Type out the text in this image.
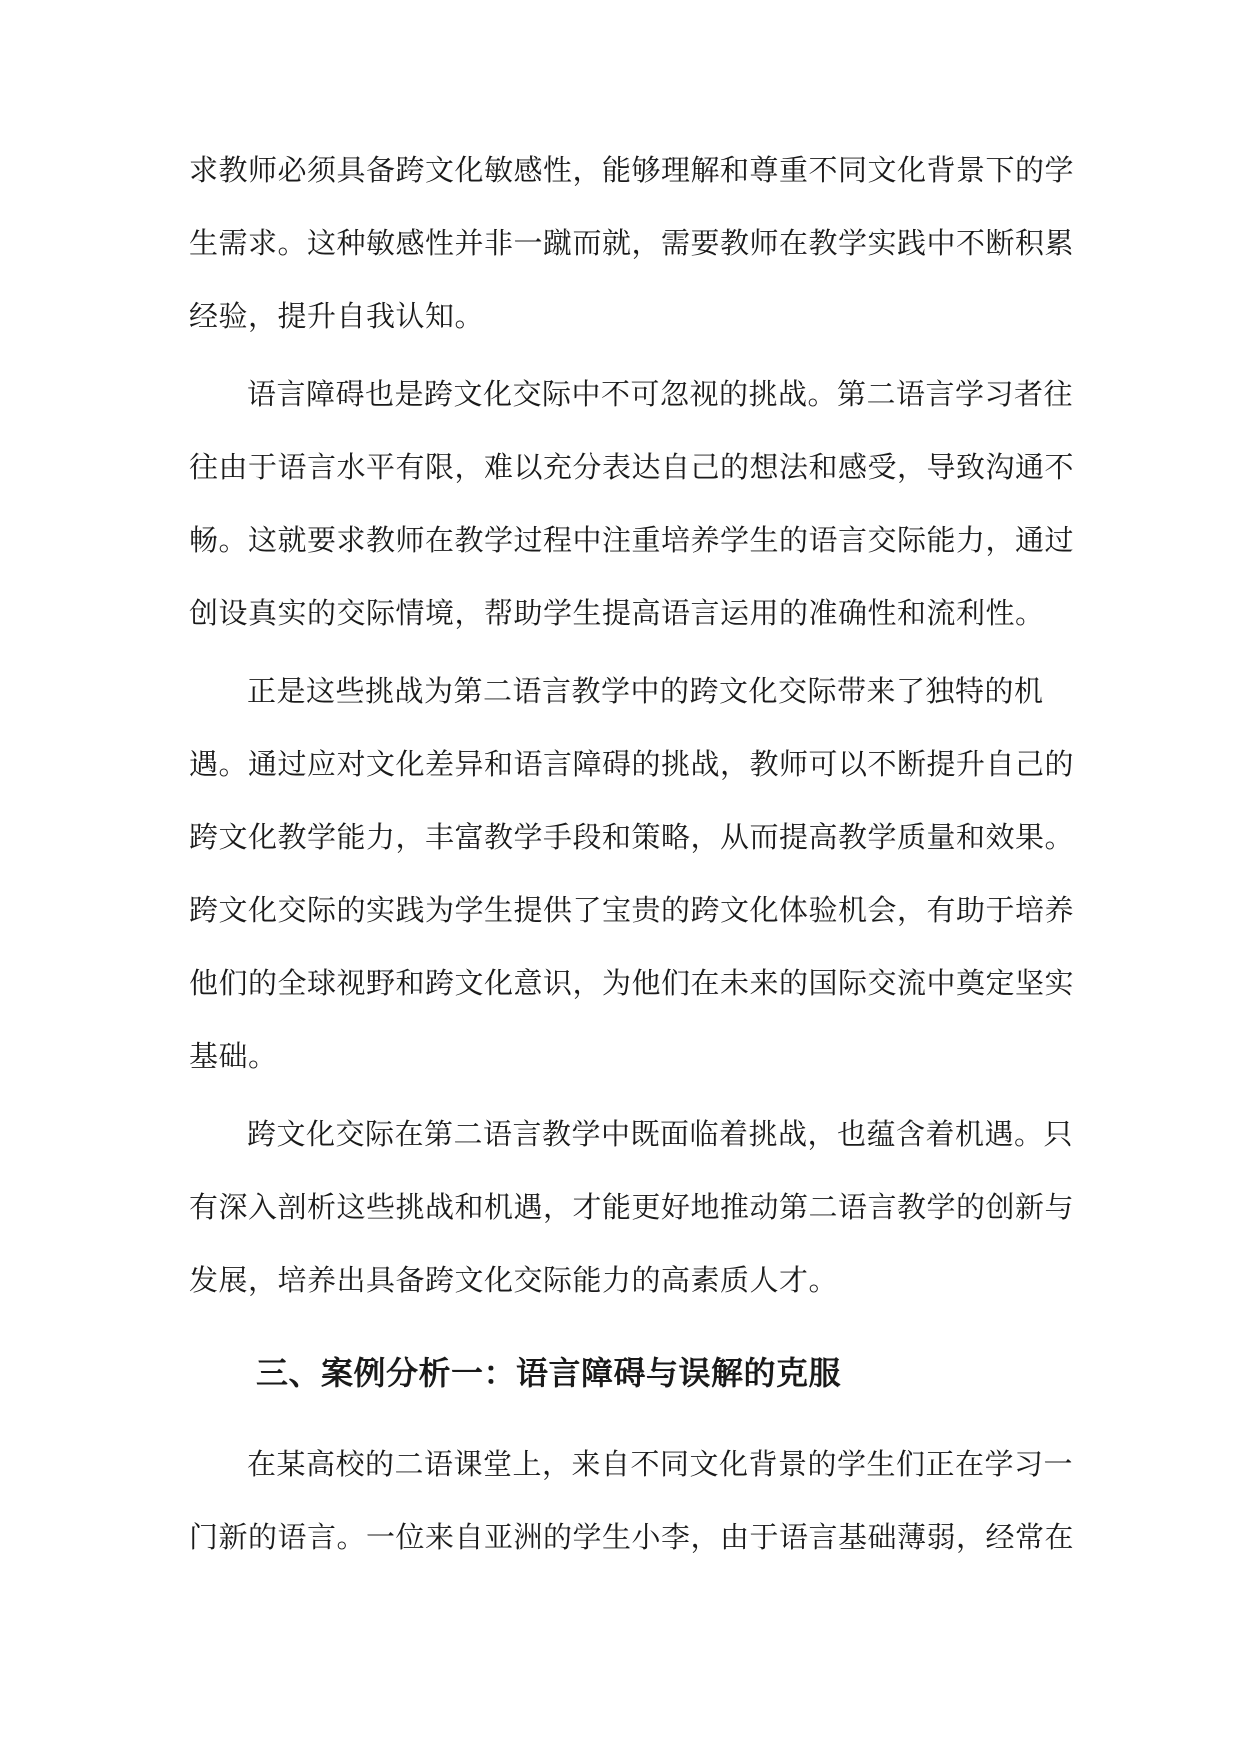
求教师必须具备跨文化敏感性，能够理解和尊重不同文化背景下的学
生需求。这种敏感性并非一蹴而就，需要教师在教学实践中不断积累
经验，提升自我认知。
语言障碍也是跨文化交际中不可忽视的挑战。第二语言学习者往
往由于语言水平有限，难以充分表达自己的想法和感受，导致沟通不
畅。这就要求教师在教学过程中注重培养学生的语言交际能力，通过
创设真实的交际情境，帮助学生提高语言运用的准确性和流利性。
正是这些挑战为第二语言教学中的跨文化交际带来了独特的机
遇。通过应对文化差异和语言障碍的挑战，教师可以不断提升自己的
跨文化教学能力，丰富教学手段和策略，从而提高教学质量和效果。
跨文化交际的实践为学生提供了宝贵的跨文化体验机会，有助于培养
他们的全球视野和跨文化意识，为他们在未来的国际交流中奠定坚实
基础。
跨文化交际在第二语言教学中既面临着挑战，也蕴含着机遇。只
有深入剖析这些挑战和机遇，才能更好地推动第二语言教学的创新与
发展，培养出具备跨文化交际能力的高素质人才。
三、案例分析一：语言障碍与误解的克服
在某高校的二语课堂上，来自不同文化背景的学生们正在学习一
门新的语言。一位来自亚洲的学生小李，由于语言基础薄弱，经常在
